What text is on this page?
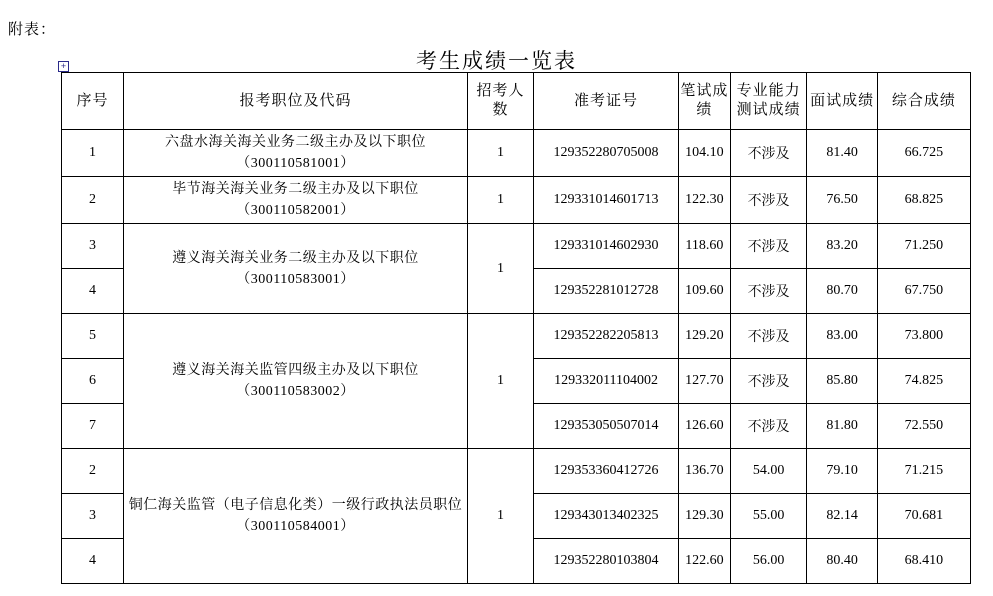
附表：
考生成绩一览表
+
序号	报考职位及代码	招考人数	准考证号	笔试成绩	专业能力测试成绩	面试成绩	综合成绩
1	六盘水海关海关业务二级主办及以下职位（300110581001）	1	129352280705008	104.10	不涉及	81.40	66.725
2	毕节海关海关业务二级主办及以下职位（300110582001）	1	129331014601713	122.30	不涉及	76.50	68.825
3	遵义海关海关业务二级主办及以下职位（300110583001）	1	129331014602930	118.60	不涉及	83.20	71.250
4			129352281012728	109.60	不涉及	80.70	67.750
5	遵义海关海关监管四级主办及以下职位（300110583002）	1	129352282205813	129.20	不涉及	83.00	73.800
6			129332011104002	127.70	不涉及	85.80	74.825
7			129353050507014	126.60	不涉及	81.80	72.550
2	铜仁海关监管（电子信息化类）一级行政执法员职位（300110584001）	1	129353360412726	136.70	54.00	79.10	71.215
3			129343013402325	129.30	55.00	82.14	70.681
4			129352280103804	122.60	56.00	80.40	68.410
